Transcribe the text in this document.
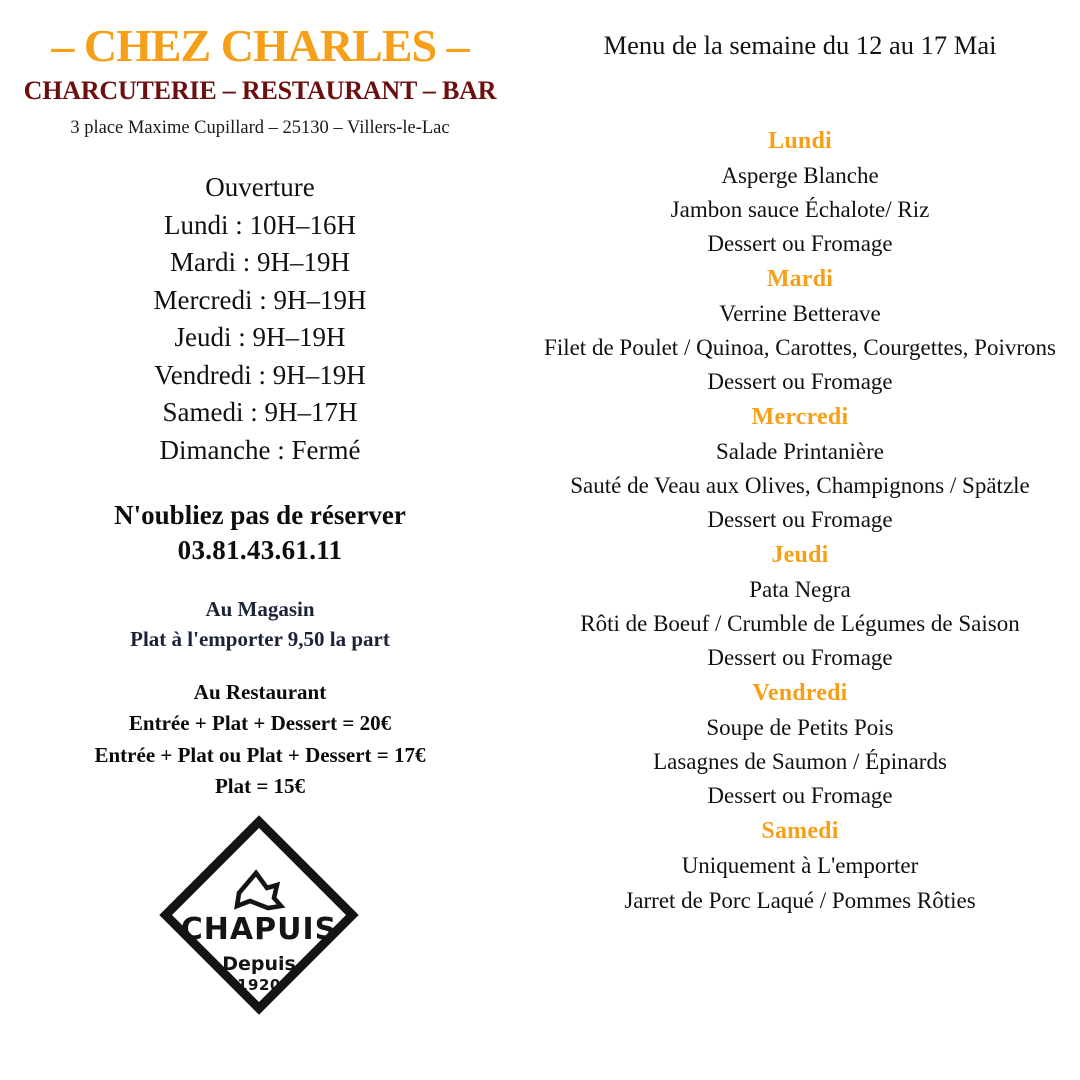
– CHEZ CHARLES –
CHARCUTERIE – RESTAURANT – BAR
3 place Maxime Cupillard – 25130 – Villers-le-Lac
Ouverture
Lundi : 10H–16H
Mardi : 9H–19H
Mercredi : 9H–19H
Jeudi : 9H–19H
Vendredi : 9H–19H
Samedi : 9H–17H
Dimanche : Fermé
N'oubliez pas de réserver
03.81.43.61.11
Au Magasin
Plat à l'emporter 9,50 la part
Au Restaurant
Entrée + Plat + Dessert = 20€
Entrée + Plat ou Plat + Dessert = 17€
Plat = 15€
CHAPUIS
Depuis
1920
Menu de la semaine du 12 au 17 Mai
Lundi
Asperge Blanche
Jambon sauce Échalote/ Riz
Dessert ou Fromage
Mardi
Verrine Betterave
Filet de Poulet / Quinoa, Carottes, Courgettes, Poivrons
Dessert ou Fromage
Mercredi
Salade Printanière
Sauté de Veau aux Olives, Champignons / Spätzle
Dessert ou Fromage
Jeudi
Pata Negra
Rôti de Boeuf / Crumble de Légumes de Saison
Dessert ou Fromage
Vendredi
Soupe de Petits Pois
Lasagnes de Saumon / Épinards
Dessert ou Fromage
Samedi
Uniquement à L'emporter
Jarret de Porc Laqué / Pommes Rôties
